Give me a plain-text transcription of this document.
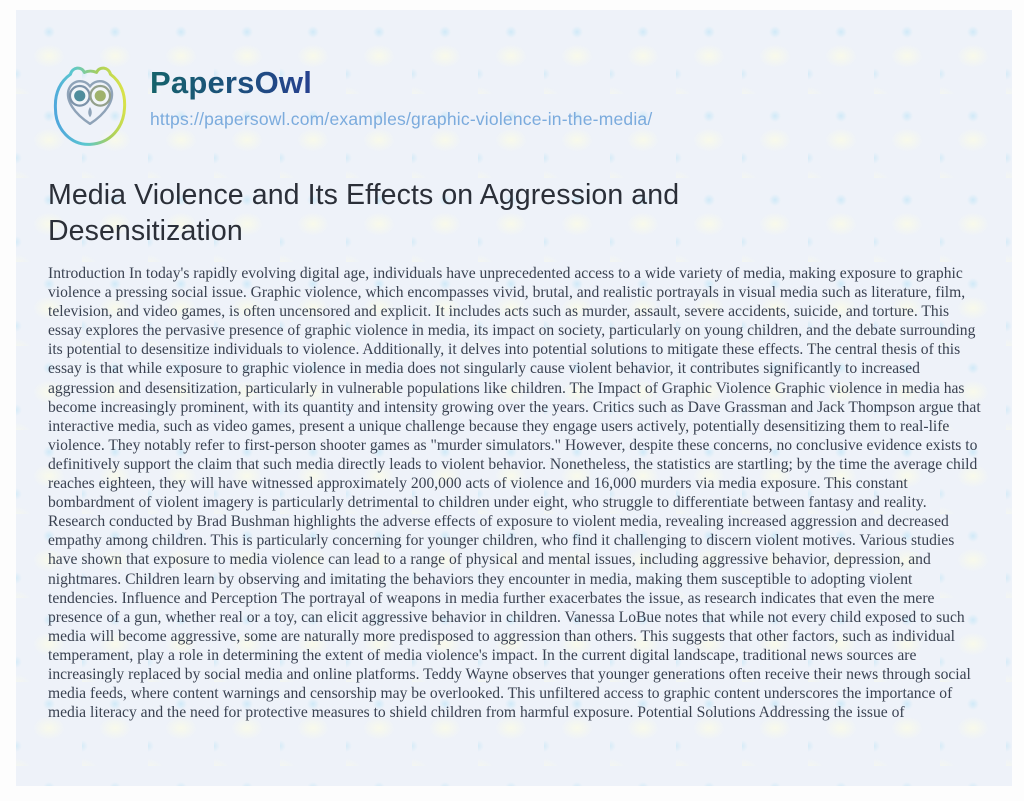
PapersOwl
https://papersowl.com/examples/graphic-violence-in-the-media/
Media Violence and Its Effects on Aggression and Desensitization

Introduction In today's rapidly evolving digital age, individuals have unprecedented access to a wide variety of media, making exposure to graphic violence a pressing social issue. Graphic violence, which encompasses vivid, brutal, and realistic portrayals in visual media such as literature, film, television, and video games, is often uncensored and explicit. It includes acts such as murder, assault, severe accidents, suicide, and torture. This essay explores the pervasive presence of graphic violence in media, its impact on society, particularly on young children, and the debate surrounding its potential to desensitize individuals to violence. Additionally, it delves into potential solutions to mitigate these effects. The central thesis of this essay is that while exposure to graphic violence in media does not singularly cause violent behavior, it contributes significantly to increased aggression and desensitization, particularly in vulnerable populations like children. The Impact of Graphic Violence Graphic violence in media has become increasingly prominent, with its quantity and intensity growing over the years. Critics such as Dave Grassman and Jack Thompson argue that interactive media, such as video games, present a unique challenge because they engage users actively, potentially desensitizing them to real-life violence. They notably refer to first-person shooter games as "murder simulators." However, despite these concerns, no conclusive evidence exists to definitively support the claim that such media directly leads to violent behavior. Nonetheless, the statistics are startling; by the time the average child reaches eighteen, they will have witnessed approximately 200,000 acts of violence and 16,000 murders via media exposure. This constant bombardment of violent imagery is particularly detrimental to children under eight, who struggle to differentiate between fantasy and reality. Research conducted by Brad Bushman highlights the adverse effects of exposure to violent media, revealing increased aggression and decreased empathy among children. This is particularly concerning for younger children, who find it challenging to discern violent motives. Various studies have shown that exposure to media violence can lead to a range of physical and mental issues, including aggressive behavior, depression, and nightmares. Children learn by observing and imitating the behaviors they encounter in media, making them susceptible to adopting violent tendencies. Influence and Perception The portrayal of weapons in media further exacerbates the issue, as research indicates that even the mere presence of a gun, whether real or a toy, can elicit aggressive behavior in children. Vanessa LoBue notes that while not every child exposed to such media will become aggressive, some are naturally more predisposed to aggression than others. This suggests that other factors, such as individual temperament, play a role in determining the extent of media violence's impact. In the current digital landscape, traditional news sources are increasingly replaced by social media and online platforms. Teddy Wayne observes that younger generations often receive their news through social media feeds, where content warnings and censorship may be overlooked. This unfiltered access to graphic content underscores the importance of media literacy and the need for protective measures to shield children from harmful exposure. Potential Solutions Addressing the issue of
